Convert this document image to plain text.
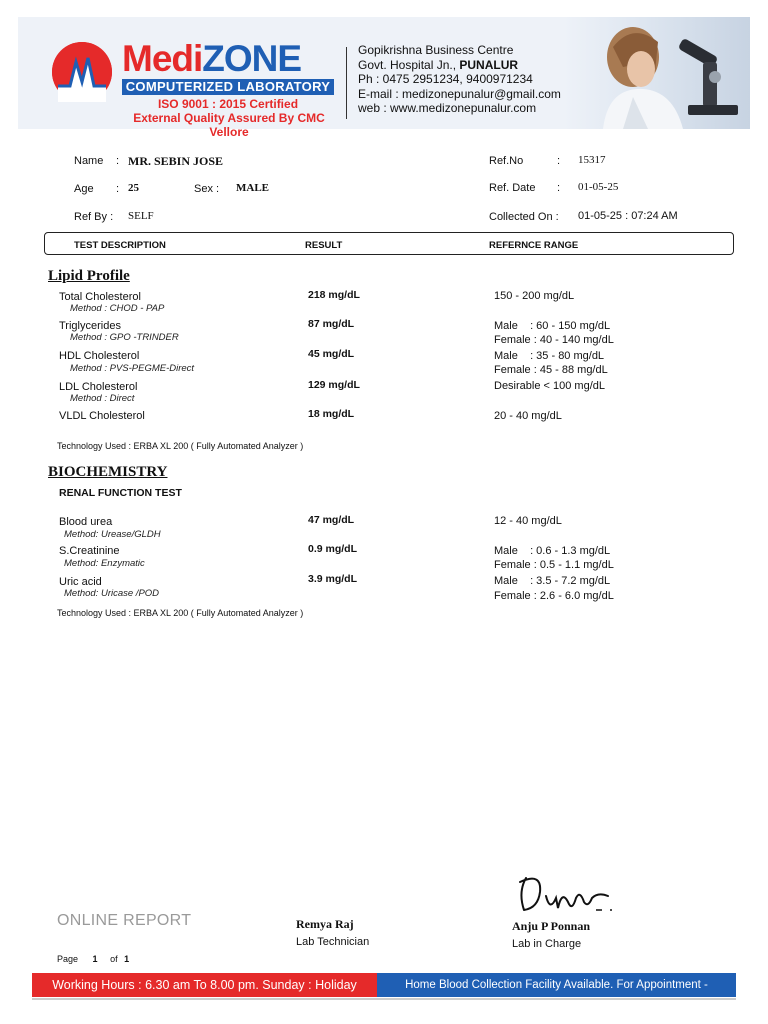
MediZONE
COMPUTERIZED LABORATORY
ISO 9001 : 2015 Certified
External Quality Assured By CMC Vellore
Gopikrishna Business Centre
Govt. Hospital Jn., PUNALUR
Ph : 0475 2951234, 9400971234
E-mail : medizonepunalur@gmail.com
web : www.medizonepunalur.com
Name : MR. SEBIN JOSE
Age : 25	Sex : MALE
Ref By : SELF
Ref.No	: 15317
Ref. Date : 01-05-25
Collected On : 01-05-25 : 07:24 AM
TEST DESCRIPTION	RESULT	REFERNCE RANGE
Lipid Profile
Total Cholesterol
Method : CHOD - PAP
218 mg/dL	150 - 200 mg/dL
Triglycerides
Method : GPO -TRINDER
87 mg/dL	Male    : 60 - 150 mg/dL
Female : 40 - 140 mg/dL
HDL Cholesterol
Method : PVS-PEGME-Direct
45 mg/dL	Male    : 35 - 80 mg/dL
Female : 45 - 88 mg/dL
LDL Cholesterol
Method : Direct
129 mg/dL	Desirable < 100 mg/dL
VLDL Cholesterol	18 mg/dL	20 - 40 mg/dL
Technology Used : ERBA XL 200 ( Fully Automated Analyzer )
BIOCHEMISTRY
RENAL FUNCTION TEST
Blood urea
Method: Urease/GLDH
47 mg/dL	12 - 40 mg/dL
S.Creatinine
Method: Enzymatic
0.9 mg/dL	Male    : 0.6 - 1.3 mg/dL
Female : 0.5 - 1.1 mg/dL
Uric acid
Method: Uricase /POD
3.9 mg/dL	Male    : 3.5 - 7.2 mg/dL
Female : 2.6 - 6.0 mg/dL
Technology Used : ERBA XL 200 ( Fully Automated Analyzer )
ONLINE REPORT	Remya Raj
Lab Technician
Anju P Ponnan
Lab in Charge
Page 1 of 1
Working Hours : 6.30 am To 8.00 pm. Sunday : Holiday	Home Blood Collection Facility Available. For Appointment - 9400971234
